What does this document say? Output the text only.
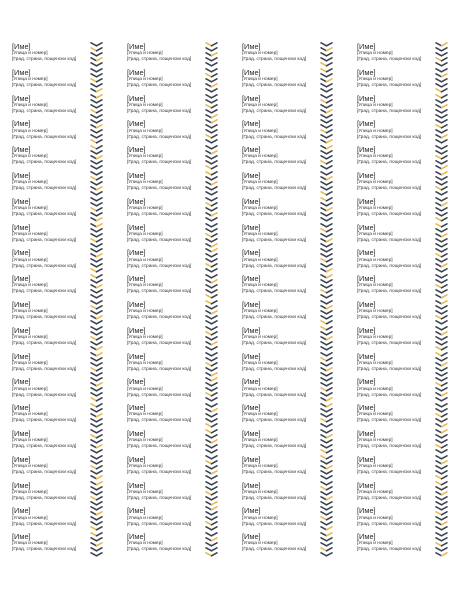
[Име]
[Улица и номер]
[Град, страна, пощенски код]
[Име]
[Улица и номер]
[Град, страна, пощенски код]
[Име]
[Улица и номер]
[Град, страна, пощенски код]
[Име]
[Улица и номер]
[Град, страна, пощенски код]
[Име]
[Улица и номер]
[Град, страна, пощенски код]
[Име]
[Улица и номер]
[Град, страна, пощенски код]
[Име]
[Улица и номер]
[Град, страна, пощенски код]
[Име]
[Улица и номер]
[Град, страна, пощенски код]
[Име]
[Улица и номер]
[Град, страна, пощенски код]
[Име]
[Улица и номер]
[Град, страна, пощенски код]
[Име]
[Улица и номер]
[Град, страна, пощенски код]
[Име]
[Улица и номер]
[Град, страна, пощенски код]
[Име]
[Улица и номер]
[Град, страна, пощенски код]
[Име]
[Улица и номер]
[Град, страна, пощенски код]
[Име]
[Улица и номер]
[Град, страна, пощенски код]
[Име]
[Улица и номер]
[Град, страна, пощенски код]
[Име]
[Улица и номер]
[Град, страна, пощенски код]
[Име]
[Улица и номер]
[Град, страна, пощенски код]
[Име]
[Улица и номер]
[Град, страна, пощенски код]
[Име]
[Улица и номер]
[Град, страна, пощенски код]
[Име]
[Улица и номер]
[Град, страна, пощенски код]
[Име]
[Улица и номер]
[Град, страна, пощенски код]
[Име]
[Улица и номер]
[Град, страна, пощенски код]
[Име]
[Улица и номер]
[Град, страна, пощенски код]
[Име]
[Улица и номер]
[Град, страна, пощенски код]
[Име]
[Улица и номер]
[Град, страна, пощенски код]
[Име]
[Улица и номер]
[Град, страна, пощенски код]
[Име]
[Улица и номер]
[Град, страна, пощенски код]
[Име]
[Улица и номер]
[Град, страна, пощенски код]
[Име]
[Улица и номер]
[Град, страна, пощенски код]
[Име]
[Улица и номер]
[Град, страна, пощенски код]
[Име]
[Улица и номер]
[Град, страна, пощенски код]
[Име]
[Улица и номер]
[Град, страна, пощенски код]
[Име]
[Улица и номер]
[Град, страна, пощенски код]
[Име]
[Улица и номер]
[Град, страна, пощенски код]
[Име]
[Улица и номер]
[Град, страна, пощенски код]
[Име]
[Улица и номер]
[Град, страна, пощенски код]
[Име]
[Улица и номер]
[Град, страна, пощенски код]
[Име]
[Улица и номер]
[Град, страна, пощенски код]
[Име]
[Улица и номер]
[Град, страна, пощенски код]
[Име]
[Улица и номер]
[Град, страна, пощенски код]
[Име]
[Улица и номер]
[Град, страна, пощенски код]
[Име]
[Улица и номер]
[Град, страна, пощенски код]
[Име]
[Улица и номер]
[Град, страна, пощенски код]
[Име]
[Улица и номер]
[Град, страна, пощенски код]
[Име]
[Улица и номер]
[Град, страна, пощенски код]
[Име]
[Улица и номер]
[Град, страна, пощенски код]
[Име]
[Улица и номер]
[Град, страна, пощенски код]
[Име]
[Улица и номер]
[Град, страна, пощенски код]
[Име]
[Улица и номер]
[Град, страна, пощенски код]
[Име]
[Улица и номер]
[Град, страна, пощенски код]
[Име]
[Улица и номер]
[Град, страна, пощенски код]
[Име]
[Улица и номер]
[Град, страна, пощенски код]
[Име]
[Улица и номер]
[Град, страна, пощенски код]
[Име]
[Улица и номер]
[Град, страна, пощенски код]
[Име]
[Улица и номер]
[Град, страна, пощенски код]
[Име]
[Улица и номер]
[Град, страна, пощенски код]
[Име]
[Улица и номер]
[Град, страна, пощенски код]
[Име]
[Улица и номер]
[Град, страна, пощенски код]
[Име]
[Улица и номер]
[Град, страна, пощенски код]
[Име]
[Улица и номер]
[Град, страна, пощенски код]
[Име]
[Улица и номер]
[Град, страна, пощенски код]
[Име]
[Улица и номер]
[Град, страна, пощенски код]
[Име]
[Улица и номер]
[Град, страна, пощенски код]
[Име]
[Улица и номер]
[Град, страна, пощенски код]
[Име]
[Улица и номер]
[Град, страна, пощенски код]
[Име]
[Улица и номер]
[Град, страна, пощенски код]
[Име]
[Улица и номер]
[Град, страна, пощенски код]
[Име]
[Улица и номер]
[Град, страна, пощенски код]
[Име]
[Улица и номер]
[Град, страна, пощенски код]
[Име]
[Улица и номер]
[Град, страна, пощенски код]
[Име]
[Улица и номер]
[Град, страна, пощенски код]
[Име]
[Улица и номер]
[Град, страна, пощенски код]
[Име]
[Улица и номер]
[Град, страна, пощенски код]
[Име]
[Улица и номер]
[Град, страна, пощенски код]
[Име]
[Улица и номер]
[Град, страна, пощенски код]
[Име]
[Улица и номер]
[Град, страна, пощенски код]
[Име]
[Улица и номер]
[Град, страна, пощенски код]
[Име]
[Улица и номер]
[Град, страна, пощенски код]
[Име]
[Улица и номер]
[Град, страна, пощенски код]
